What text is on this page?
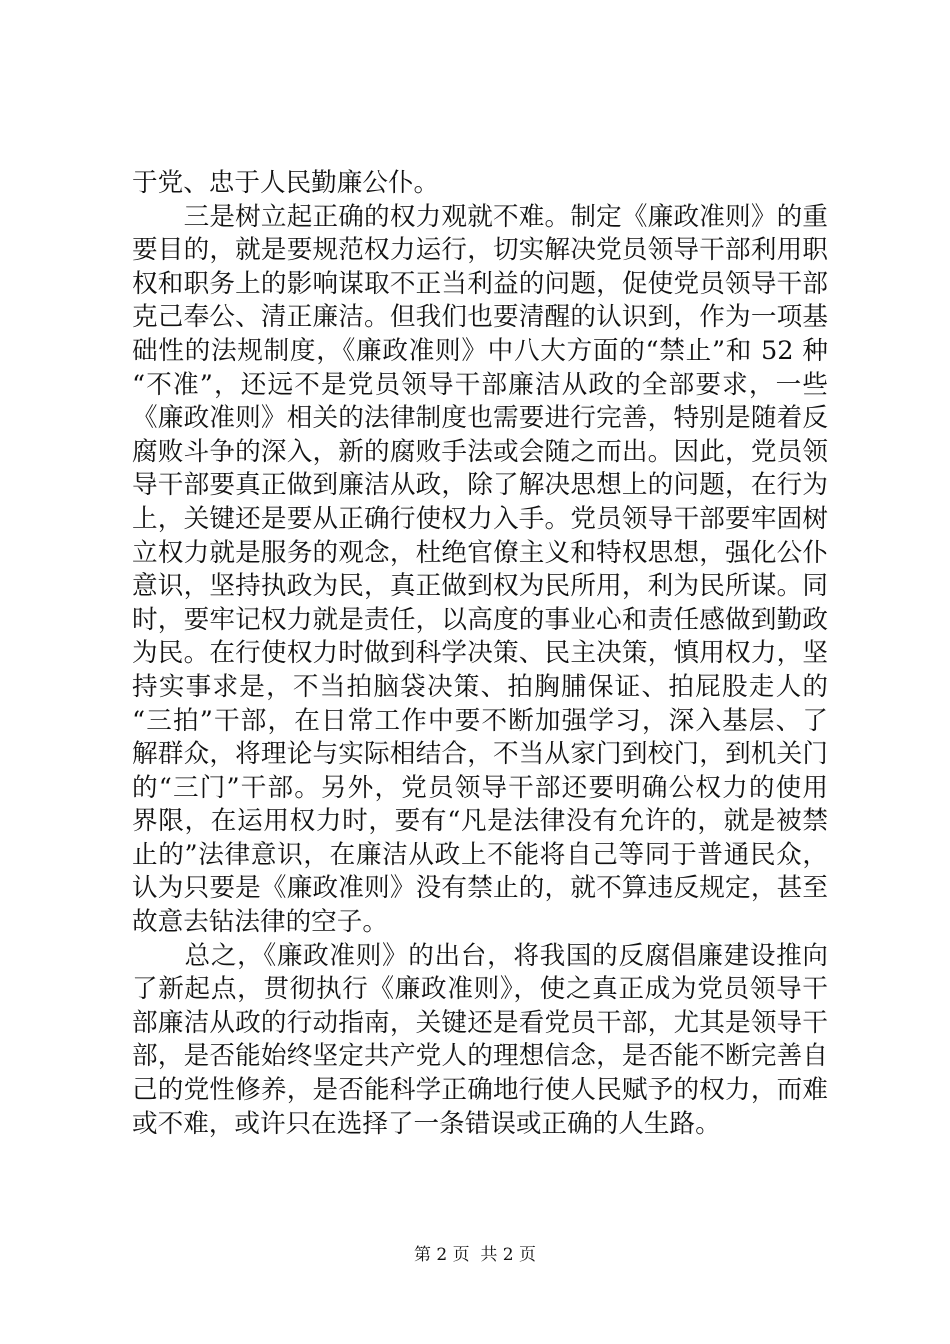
于党、忠于人民勤廉公仆。
　　三是树立起正确的权力观就不难。制定《廉政准则》的重
要目的，就是要规范权力运行，切实解决党员领导干部利用职
权和职务上的影响谋取不正当利益的问题，促使党员领导干部
克己奉公、清正廉洁。但我们也要清醒的认识到，作为一项基
础性的法规制度，《廉政准则》中八大方面的“禁止”和 52 种
“不准”，还远不是党员领导干部廉洁从政的全部要求，一些
《廉政准则》相关的法律制度也需要进行完善，特别是随着反
腐败斗争的深入，新的腐败手法或会随之而出。因此，党员领
导干部要真正做到廉洁从政，除了解决思想上的问题，在行为
上，关键还是要从正确行使权力入手。党员领导干部要牢固树
立权力就是服务的观念，杜绝官僚主义和特权思想，强化公仆
意识，坚持执政为民，真正做到权为民所用，利为民所谋。同
时，要牢记权力就是责任，以高度的事业心和责任感做到勤政
为民。在行使权力时做到科学决策、民主决策，慎用权力，坚
持实事求是，不当拍脑袋决策、拍胸脯保证、拍屁股走人的
“三拍”干部，在日常工作中要不断加强学习，深入基层、了
解群众，将理论与实际相结合，不当从家门到校门，到机关门
的“三门”干部。另外，党员领导干部还要明确公权力的使用
界限，在运用权力时，要有“凡是法律没有允许的，就是被禁
止的”法律意识，在廉洁从政上不能将自己等同于普通民众，
认为只要是《廉政准则》没有禁止的，就不算违反规定，甚至
故意去钻法律的空子。
　　总之，《廉政准则》的出台，将我国的反腐倡廉建设推向
了新起点，贯彻执行《廉政准则》，使之真正成为党员领导干
部廉洁从政的行动指南，关键还是看党员干部，尤其是领导干
部，是否能始终坚定共产党人的理想信念，是否能不断完善自
己的党性修养，是否能科学正确地行使人民赋予的权力，而难
或不难，或许只在选择了一条错误或正确的人生路。
第 2 页  共 2 页
